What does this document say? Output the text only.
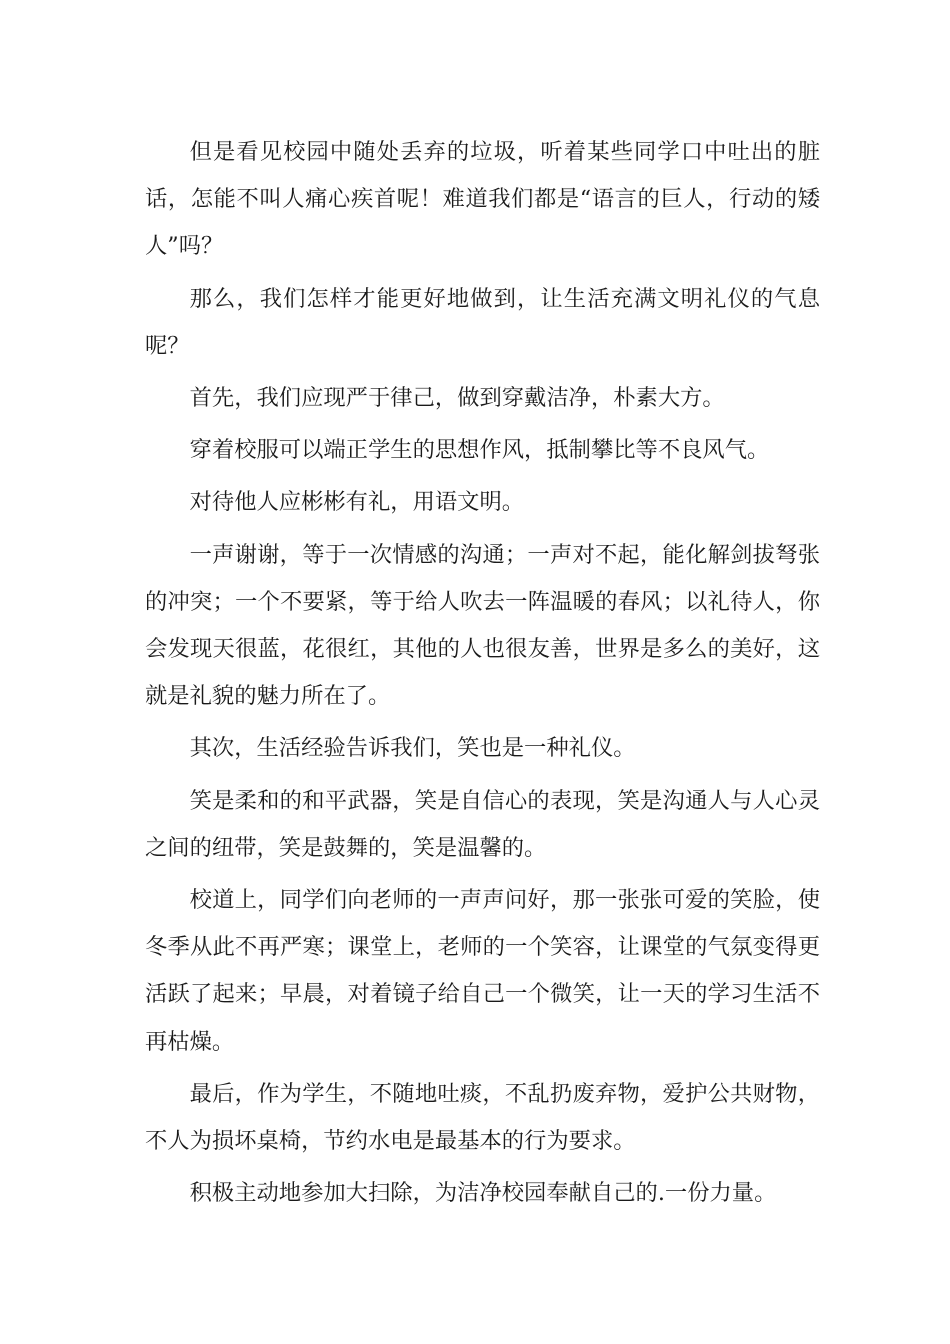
但是看见校园中随处丢弃的垃圾，听着某些同学口中吐出的脏话，怎能不叫人痛心疾首呢！难道我们都是“语言的巨人，行动的矮人”吗？

那么，我们怎样才能更好地做到，让生活充满文明礼仪的气息呢？

首先，我们应现严于律己，做到穿戴洁净，朴素大方。

穿着校服可以端正学生的思想作风，抵制攀比等不良风气。

对待他人应彬彬有礼，用语文明。

一声谢谢，等于一次情感的沟通；一声对不起，能化解剑拔弩张的冲突；一个不要紧，等于给人吹去一阵温暖的春风；以礼待人，你会发现天很蓝，花很红，其他的人也很友善，世界是多么的美好，这就是礼貌的魅力所在了。

其次，生活经验告诉我们，笑也是一种礼仪。

笑是柔和的和平武器，笑是自信心的表现，笑是沟通人与人心灵之间的纽带，笑是鼓舞的，笑是温馨的。

校道上，同学们向老师的一声声问好，那一张张可爱的笑脸，使冬季从此不再严寒；课堂上，老师的一个笑容，让课堂的气氛变得更活跃了起来；早晨，对着镜子给自己一个微笑，让一天的学习生活不再枯燥。

最后，作为学生，不随地吐痰，不乱扔废弃物，爱护公共财物，不人为损坏桌椅，节约水电是最基本的行为要求。

积极主动地参加大扫除，为洁净校园奉献自己的.一份力量。
